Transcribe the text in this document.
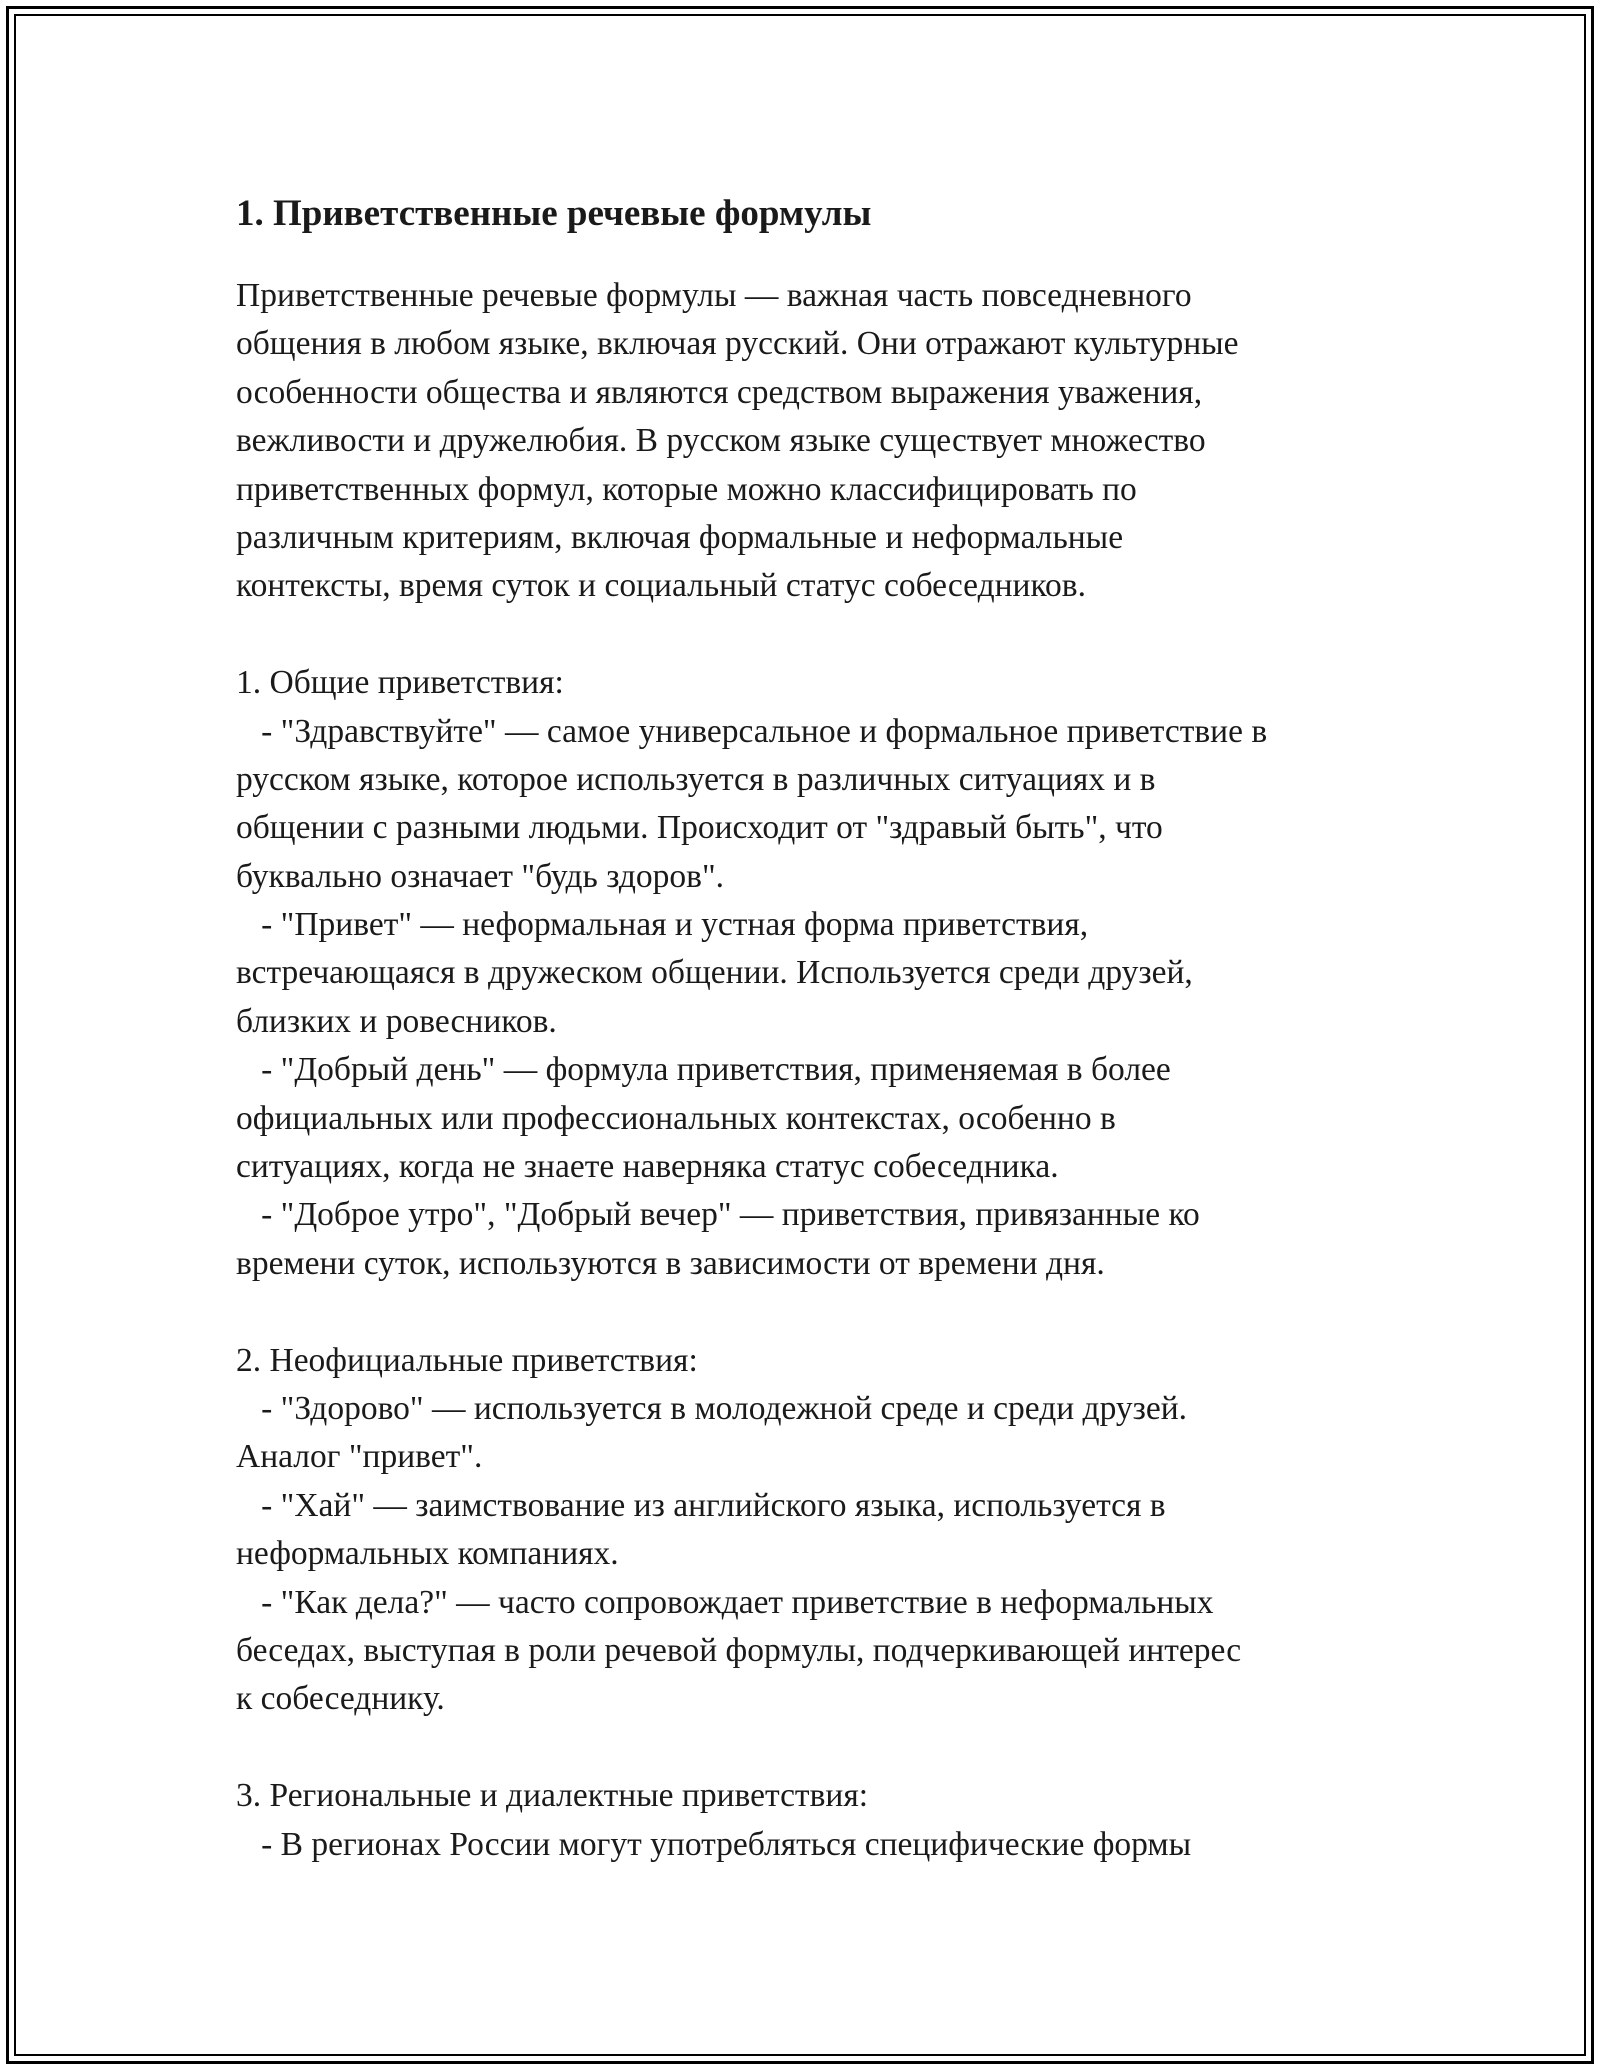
1. Приветственные речевые формулы
Приветственные речевые формулы — важная часть повседневного
общения в любом языке, включая русский. Они отражают культурные
особенности общества и являются средством выражения уважения,
вежливости и дружелюбия. В русском языке существует множество
приветственных формул, которые можно классифицировать по
различным критериям, включая формальные и неформальные
контексты, время суток и социальный статус собеседников.
1. Общие приветствия:
- "Здравствуйте" — самое универсальное и формальное приветствие в
русском языке, которое используется в различных ситуациях и в
общении с разными людьми. Происходит от "здравый быть", что
буквально означает "будь здоров".
- "Привет" — неформальная и устная форма приветствия,
встречающаяся в дружеском общении. Используется среди друзей,
близких и ровесников.
- "Добрый день" — формула приветствия, применяемая в более
официальных или профессиональных контекстах, особенно в
ситуациях, когда не знаете наверняка статус собеседника.
- "Доброе утро", "Добрый вечер" — приветствия, привязанные ко
времени суток, используются в зависимости от времени дня.
2. Неофициальные приветствия:
- "Здорово" — используется в молодежной среде и среди друзей.
Аналог "привет".
- "Хай" — заимствование из английского языка, используется в
неформальных компаниях.
- "Как дела?" — часто сопровождает приветствие в неформальных
беседах, выступая в роли речевой формулы, подчеркивающей интерес
к собеседнику.
3. Региональные и диалектные приветствия:
- В регионах России могут употребляться специфические формы
